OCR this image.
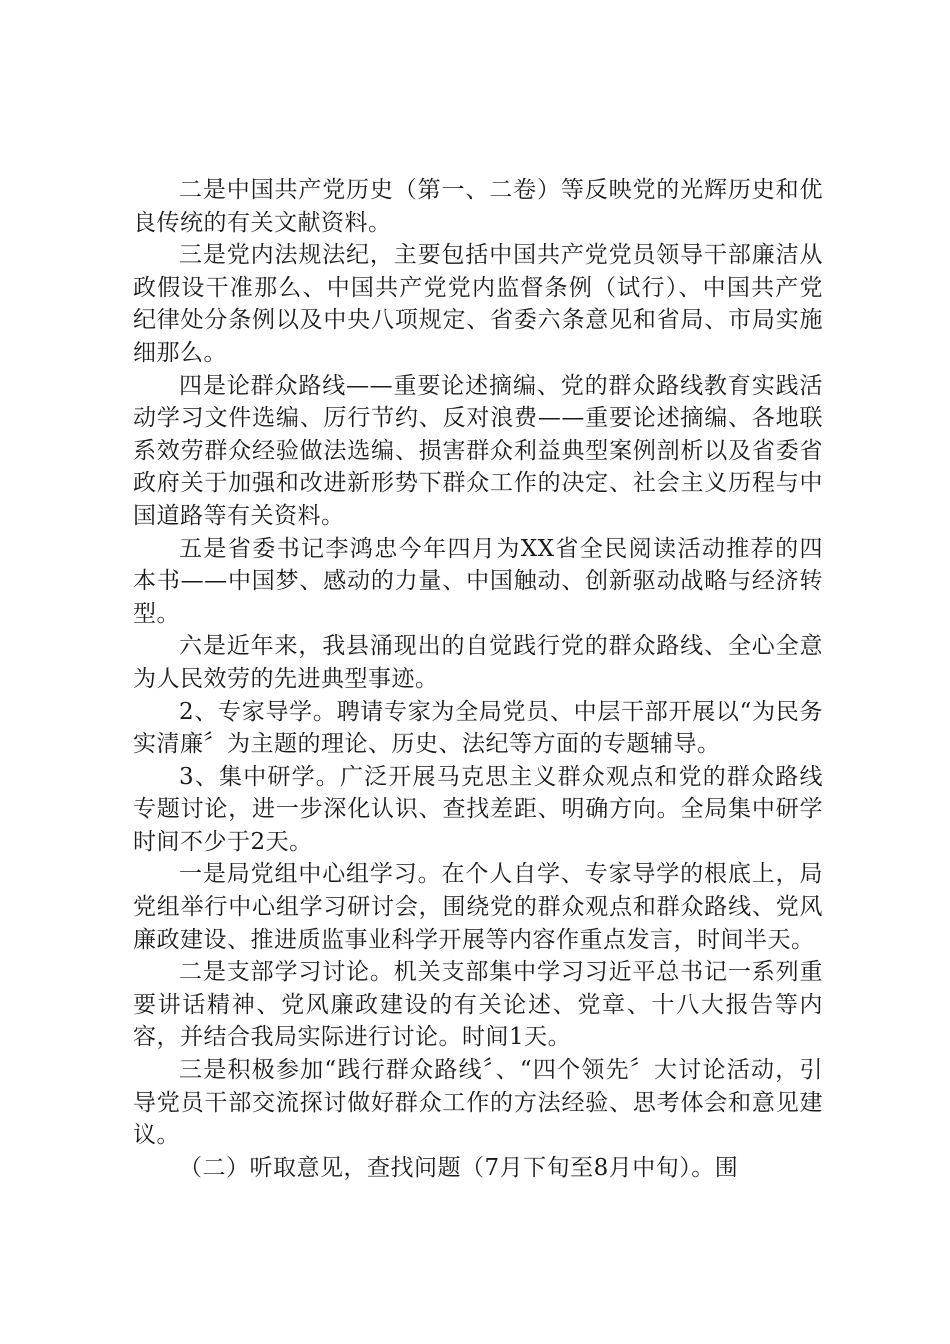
二是中国共产党历史（第一、二卷）等反映党的光辉历史和优良传统的有关文献资料。

三是党内法规法纪，主要包括中国共产党党员领导干部廉洁从政假设干准那么、中国共产党党内监督条例（试行）、中国共产党纪律处分条例以及中央八项规定、省委六条意见和省局、市局实施细那么。

四是论群众路线——重要论述摘编、党的群众路线教育实践活动学习文件选编、厉行节约、反对浪费——重要论述摘编、各地联系效劳群众经验做法选编、损害群众利益典型案例剖析以及省委省政府关于加强和改进新形势下群众工作的决定、社会主义历程与中国道路等有关资料。

五是省委书记李鸿忠今年四月为XX省全民阅读活动推荐的四本书——中国梦、感动的力量、中国触动、创新驱动战略与经济转型。

六是近年来，我县涌现出的自觉践行党的群众路线、全心全意为人民效劳的先进典型事迹。

2、专家导学。聘请专家为全局党员、中层干部开展以“为民务实清廉〞为主题的理论、历史、法纪等方面的专题辅导。

3、集中研学。广泛开展马克思主义群众观点和党的群众路线专题讨论，进一步深化认识、查找差距、明确方向。全局集中研学时间不少于2天。

一是局党组中心组学习。在个人自学、专家导学的根底上，局党组举行中心组学习研讨会，围绕党的群众观点和群众路线、党风廉政建设、推进质监事业科学开展等内容作重点发言，时间半天。

二是支部学习讨论。机关支部集中学习习近平总书记一系列重要讲话精神、党风廉政建设的有关论述、党章、十八大报告等内容，并结合我局实际进行讨论。时间1天。

三是积极参加“践行群众路线〞、“四个领先〞大讨论活动，引导党员干部交流探讨做好群众工作的方法经验、思考体会和意见建议。

（二）听取意见，查找问题（7月下旬至8月中旬）。围
